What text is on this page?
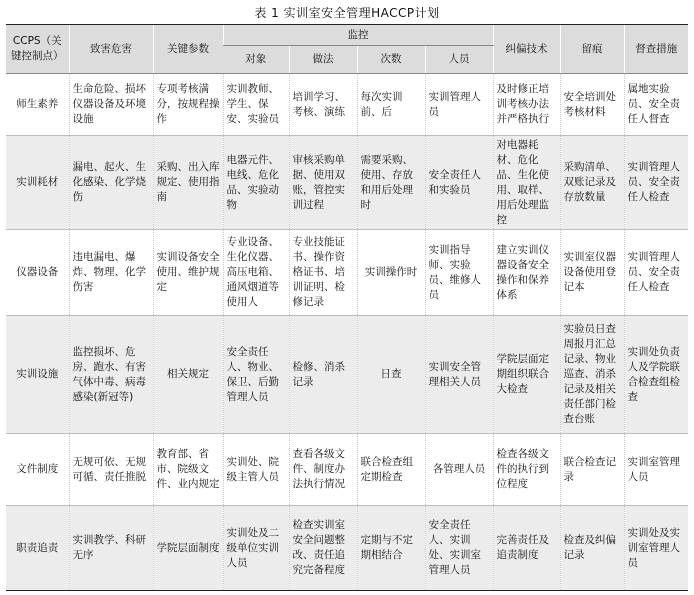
表 1 实训室安全管理HACCP计划
CCPS（关键控制点）	致害危害	关键参数	监控				纠偏技术	留痕	督查措施
			对象	做法	次数	人员			
师生素养	生命危险、损坏仪器设备及环境设施	专项考核满分，按规程操作	实训教师、学生、保安、实验员	培训学习、考核、演练	每次实训前、后	实训管理人员	及时修正培训考核办法并严格执行	安全培训处考核材料	属地实验员、安全责任人督查
实训耗材	漏电、起火、生化感染、化学烧伤	采购、出入库规定、使用指南	电器元件、电线、危化品、实验动物	审核采购单据、使用双账，管控实训过程	需要采购、使用、存放和用后处理时	安全责任人和实验员	对电器耗材、危化品、生化使用、取样、用后处理监控	采购清单、双账记录及存放数量	实训管理人员、安全责任人检查
仪器设备	违电漏电、爆炸、物理、化学伤害	实训设备安全使用、维护规定	专业设备、生化仪器、高压电箱、通风烟道等使用人	专业技能证书、操作资格证书、培训证明、检修记录	实训操作时	实训指导师、实验员、维修人员	建立实训仪器设备安全操作和保养体系	实训室仪器设备使用登记本	实训管理人员、安全责任人检查
实训设施	监控损坏、危房、跑水、有害气体中毒、病毒感染(新冠等)	相关规定	安全责任人、物业、保卫、后勤管理人员	检修、消杀记录	日查	实训安全管理相关人员	学院层面定期组织联合大检查	实验员日查周报月汇总记录、物业巡查、消杀记录及相关责任部门检查台账	实训处负责人及学院联合检查组检查
文件制度	无规可依、无规可循、责任推脱	教育部、省市、院级文件、业内规定	实训处、院级主管人员	查看各级文件、制度办法执行情况	联合检查组定期检查	各管理人员	检查各级文件的执行到位程度	联合检查记录	实训室管理人员
职责追责	实训教学、科研无序	学院层面制度	实训处及二级单位实训人员	检查实训室安全问题整改、责任追究完备程度	定期与不定期相结合	安全责任人、实训处、实训室管理人员	完善责任及追责制度	检查及纠偏记录	实训处及实训室管理人员
